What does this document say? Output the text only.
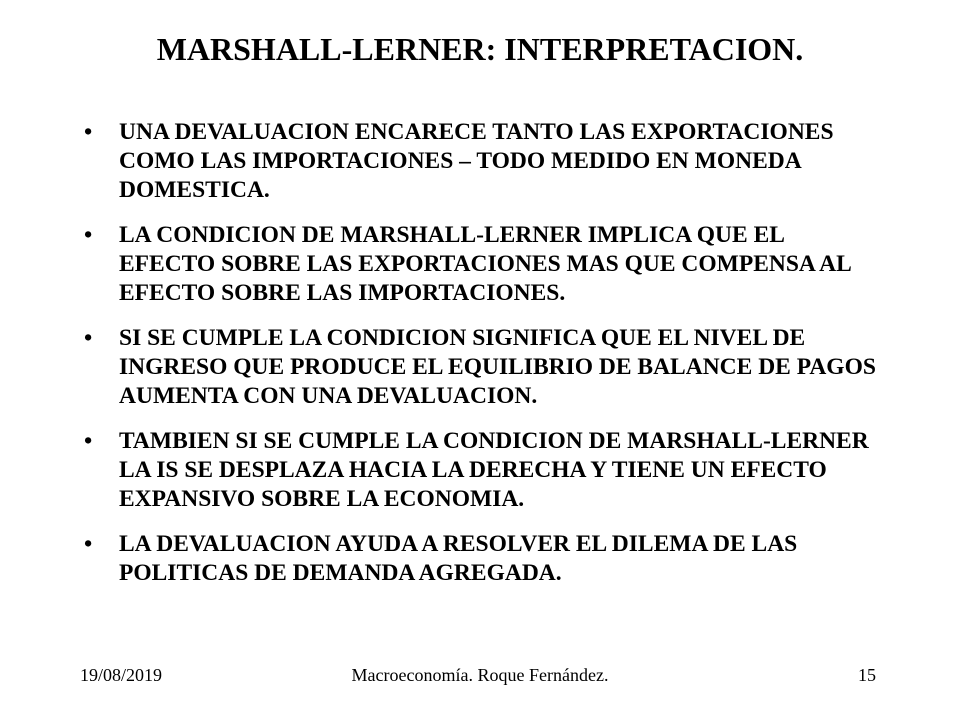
MARSHALL-LERNER: INTERPRETACION.
• UNA DEVALUACION ENCARECE TANTO LAS EXPORTACIONES COMO LAS IMPORTACIONES – TODO MEDIDO EN MONEDA DOMESTICA.
• LA CONDICION DE MARSHALL-LERNER IMPLICA QUE EL EFECTO SOBRE LAS EXPORTACIONES MAS QUE COMPENSA AL EFECTO SOBRE LAS IMPORTACIONES.
• SI SE CUMPLE LA CONDICION SIGNIFICA QUE EL NIVEL DE INGRESO QUE PRODUCE EL EQUILIBRIO DE BALANCE DE PAGOS AUMENTA CON UNA DEVALUACION.
• TAMBIEN SI SE CUMPLE LA CONDICION DE MARSHALL-LERNER LA IS SE DESPLAZA HACIA LA DERECHA Y TIENE UN EFECTO EXPANSIVO SOBRE LA ECONOMIA.
• LA DEVALUACION AYUDA A RESOLVER EL DILEMA DE LAS POLITICAS DE DEMANDA AGREGADA.

Macroeconomía. Roque Fernández.

19/08/2019	15
